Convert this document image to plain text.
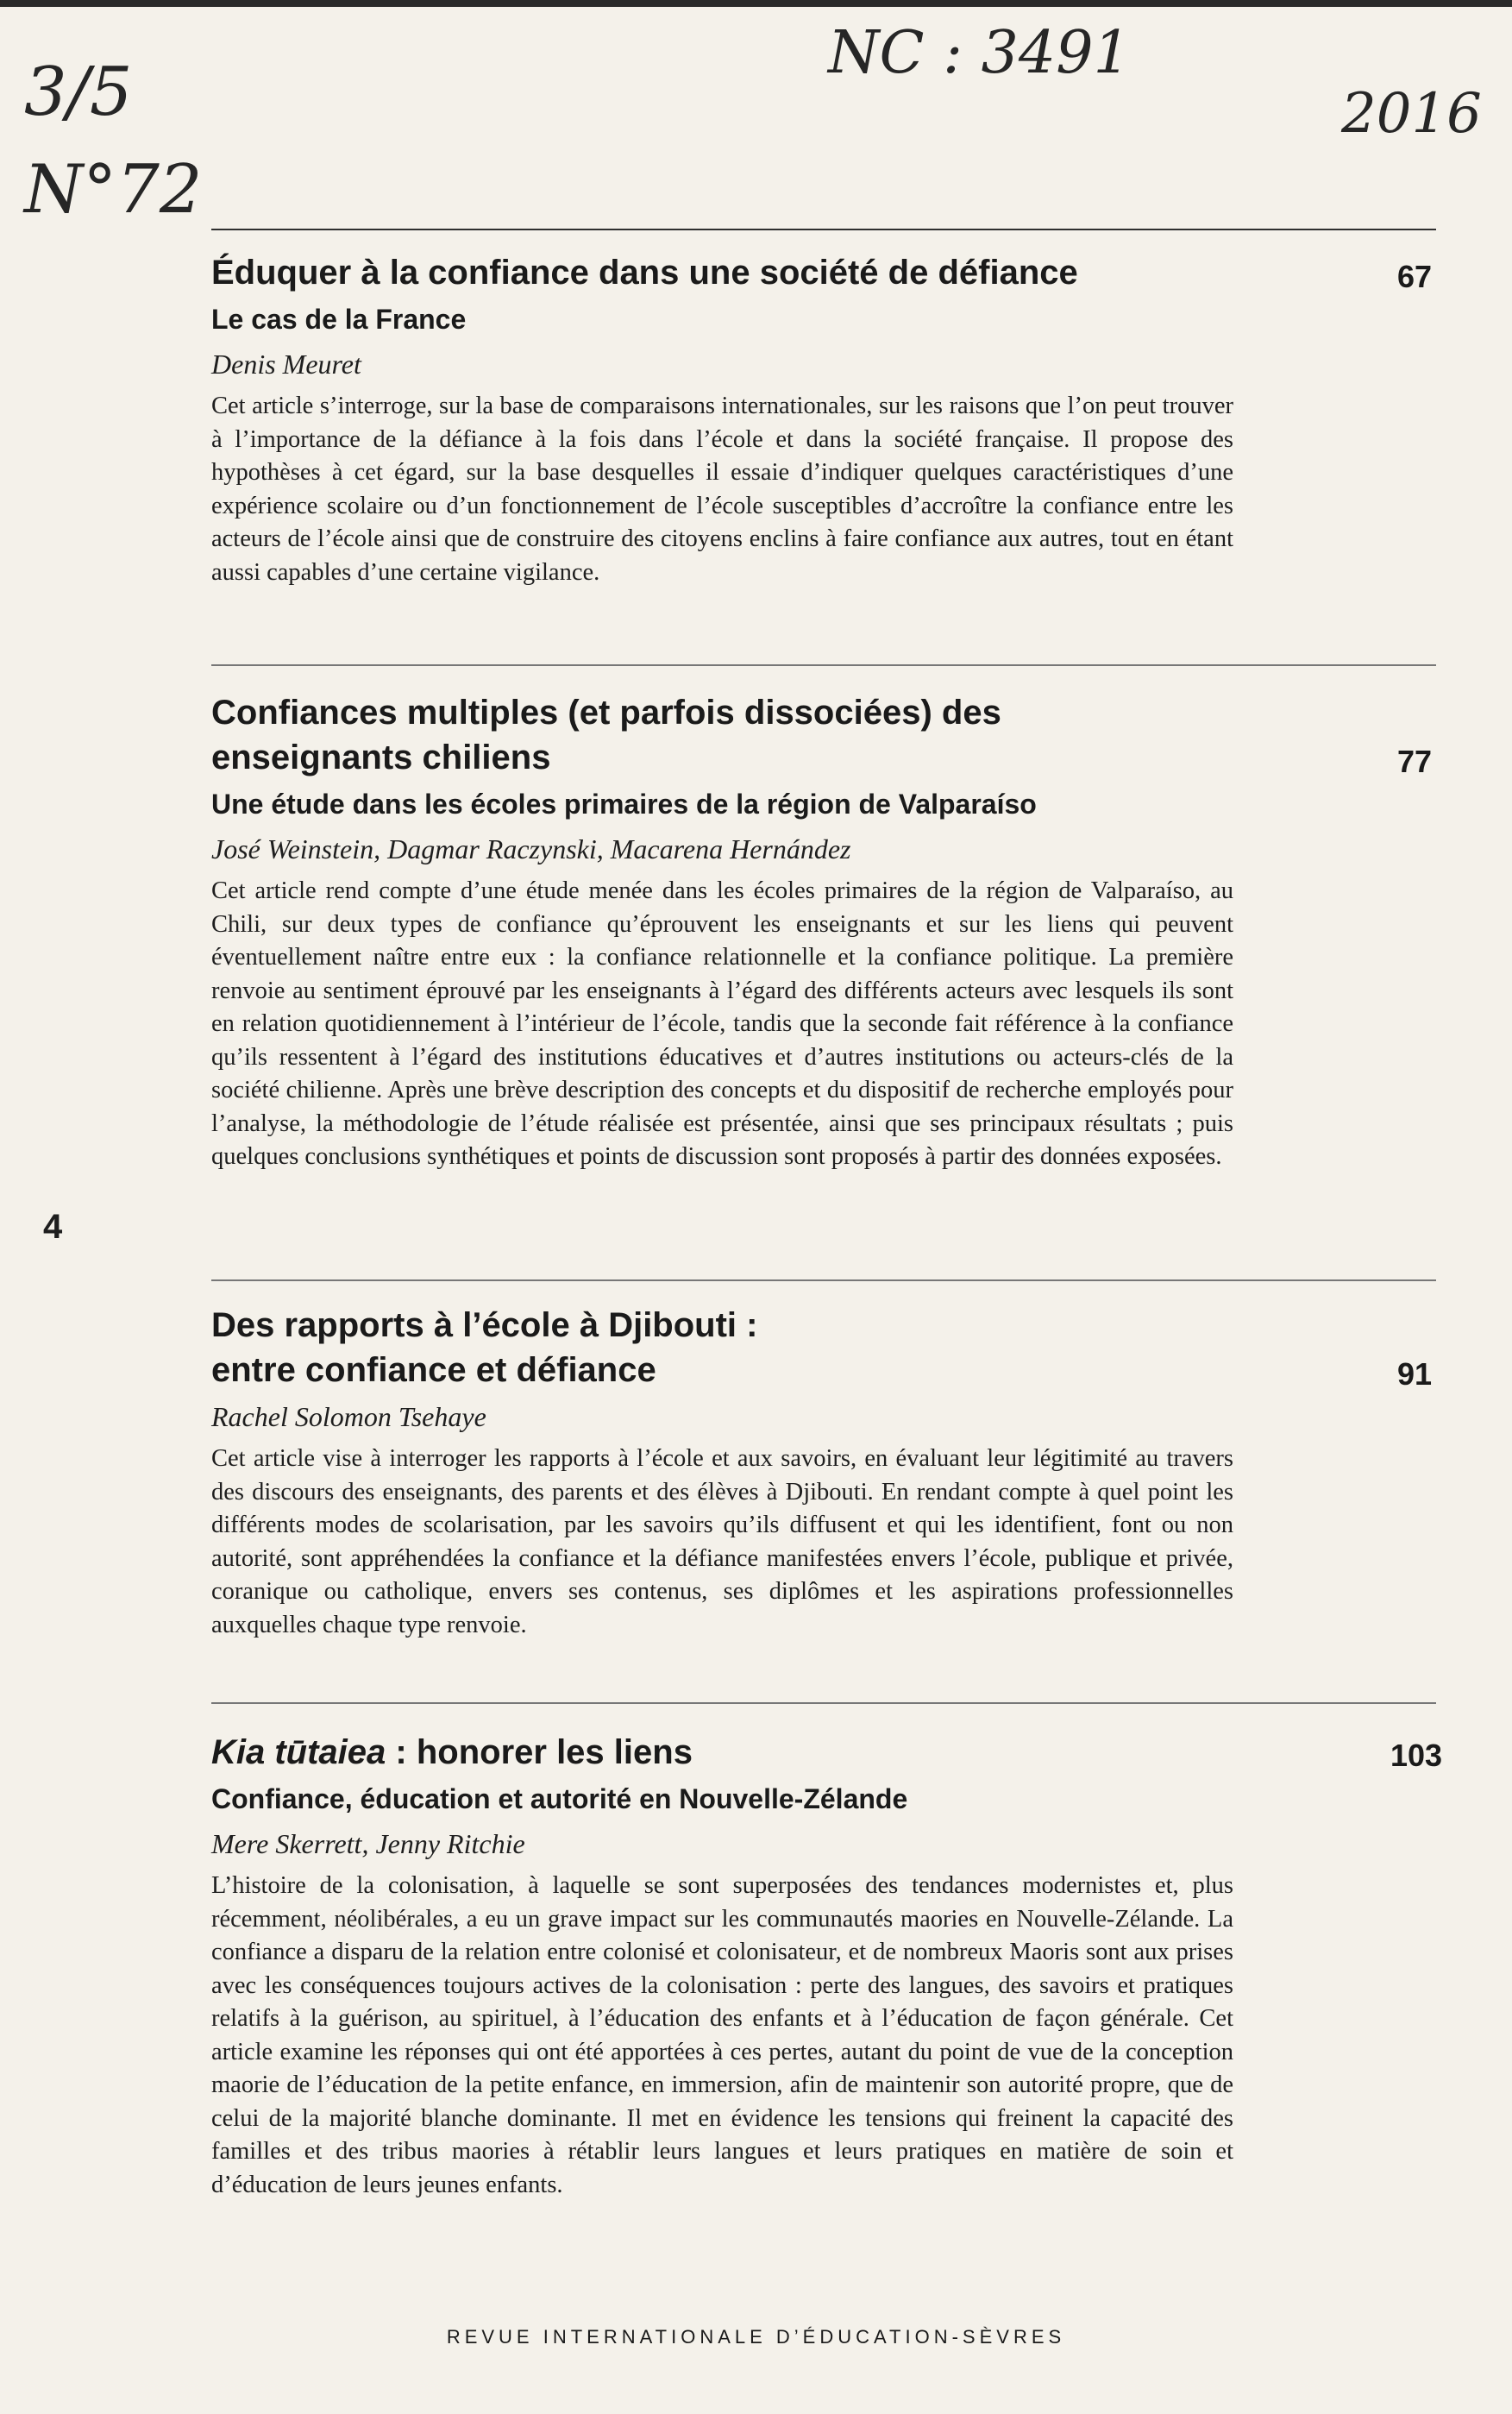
3/5
N°72
NC : 3491
2016
Éduquer à la confiance dans une société de défiance
Le cas de la France
Denis Meuret

Cet article s’interroge, sur la base de comparaisons internationales, sur les raisons que l’on peut trouver à l’importance de la défiance à la fois dans l’école et dans la société française. Il propose des hypothèses à cet égard, sur la base desquelles il essaie d’indiquer quelques caractéristiques d’une expérience scolaire ou d’un fonctionnement de l’école susceptibles d’accroître la confiance entre les acteurs de l’école ainsi que de construire des citoyens enclins à faire confiance aux autres, tout en étant aussi capables d’une certaine vigilance.

67
Confiances multiples (et parfois dissociées) des enseignants chiliens
Une étude dans les écoles primaires de la région de Valparaíso
José Weinstein, Dagmar Raczynski, Macarena Hernández

Cet article rend compte d’une étude menée dans les écoles primaires de la région de Valparaíso, au Chili, sur deux types de confiance qu’éprouvent les enseignants et sur les liens qui peuvent éventuellement naître entre eux : la confiance relationnelle et la confiance politique. La première renvoie au sentiment éprouvé par les enseignants à l’égard des différents acteurs avec lesquels ils sont en relation quotidiennement à l’intérieur de l’école, tandis que la seconde fait référence à la confiance qu’ils ressentent à l’égard des institutions éducatives et d’autres institutions ou acteurs-clés de la société chilienne. Après une brève description des concepts et du dispositif de recherche employés pour l’analyse, la méthodologie de l’étude réalisée est présentée, ainsi que ses principaux résultats ; puis quelques conclusions synthétiques et points de discussion sont proposés à partir des données exposées.

77
Des rapports à l’école à Djibouti : entre confiance et défiance
Rachel Solomon Tsehaye

Cet article vise à interroger les rapports à l’école et aux savoirs, en évaluant leur légitimité au travers des discours des enseignants, des parents et des élèves à Djibouti. En rendant compte à quel point les différents modes de scolarisation, par les savoirs qu’ils diffusent et qui les identifient, font ou non autorité, sont appréhendées la confiance et la défiance manifestées envers l’école, publique et privée, coranique ou catholique, envers ses contenus, ses diplômes et les aspirations professionnelles auxquelles chaque type renvoie.

91
Kia tūtaiea : honorer les liens
Confiance, éducation et autorité en Nouvelle-Zélande
Mere Skerrett, Jenny Ritchie

L’histoire de la colonisation, à laquelle se sont superposées des tendances modernistes et, plus récemment, néolibérales, a eu un grave impact sur les communautés maories en Nouvelle-Zélande. La confiance a disparu de la relation entre colonisé et colonisateur, et de nombreux Maoris sont aux prises avec les conséquences toujours actives de la colonisation : perte des langues, des savoirs et pratiques relatifs à la guérison, au spirituel, à l’éducation des enfants et à l’éducation de façon générale. Cet article examine les réponses qui ont été apportées à ces pertes, autant du point de vue de la conception maorie de l’éducation de la petite enfance, en immersion, afin de maintenir son autorité propre, que de celui de la majorité blanche dominante. Il met en évidence les tensions qui freinent la capacité des familles et des tribus maories à rétablir leurs langues et leurs pratiques en matière de soin et d’éducation de leurs jeunes enfants.

103
4
REVUE INTERNATIONALE D’ÉDUCATION-SÈVRES
